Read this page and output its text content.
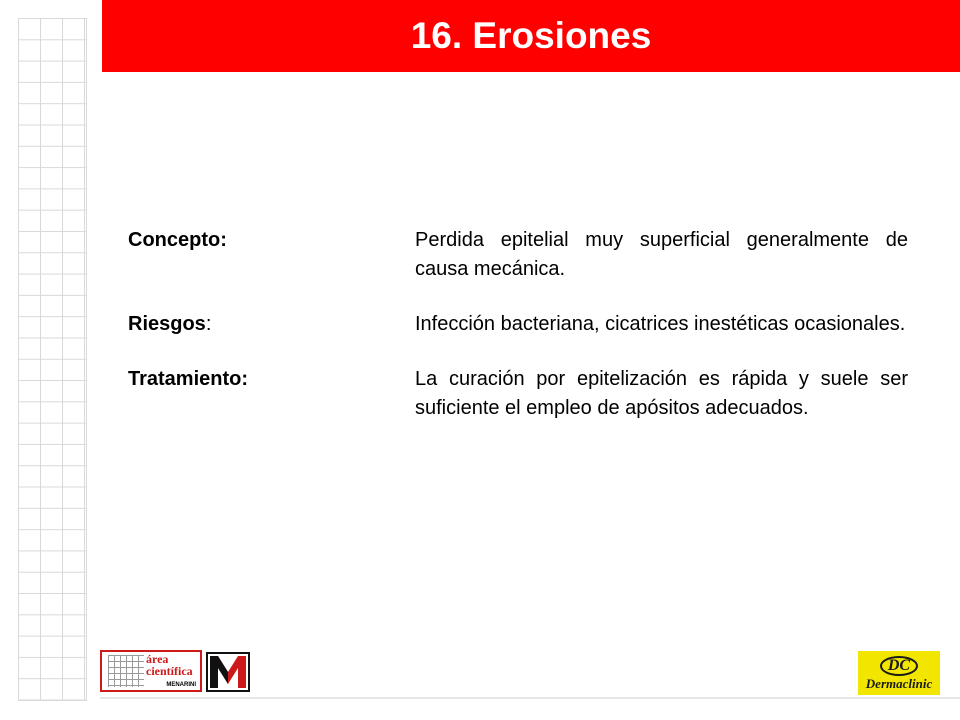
16. Erosiones
Concepto:	Perdida epitelial muy superficial generalmente de causa mecánica.
Riesgos:	Infección bacteriana, cicatrices inestéticas ocasionales.
Tratamiento:	La curación por epitelización es rápida y suele ser suficiente el empleo de apósitos adecuados.
área
científica
MENARINI
DC
Dermaclinic
